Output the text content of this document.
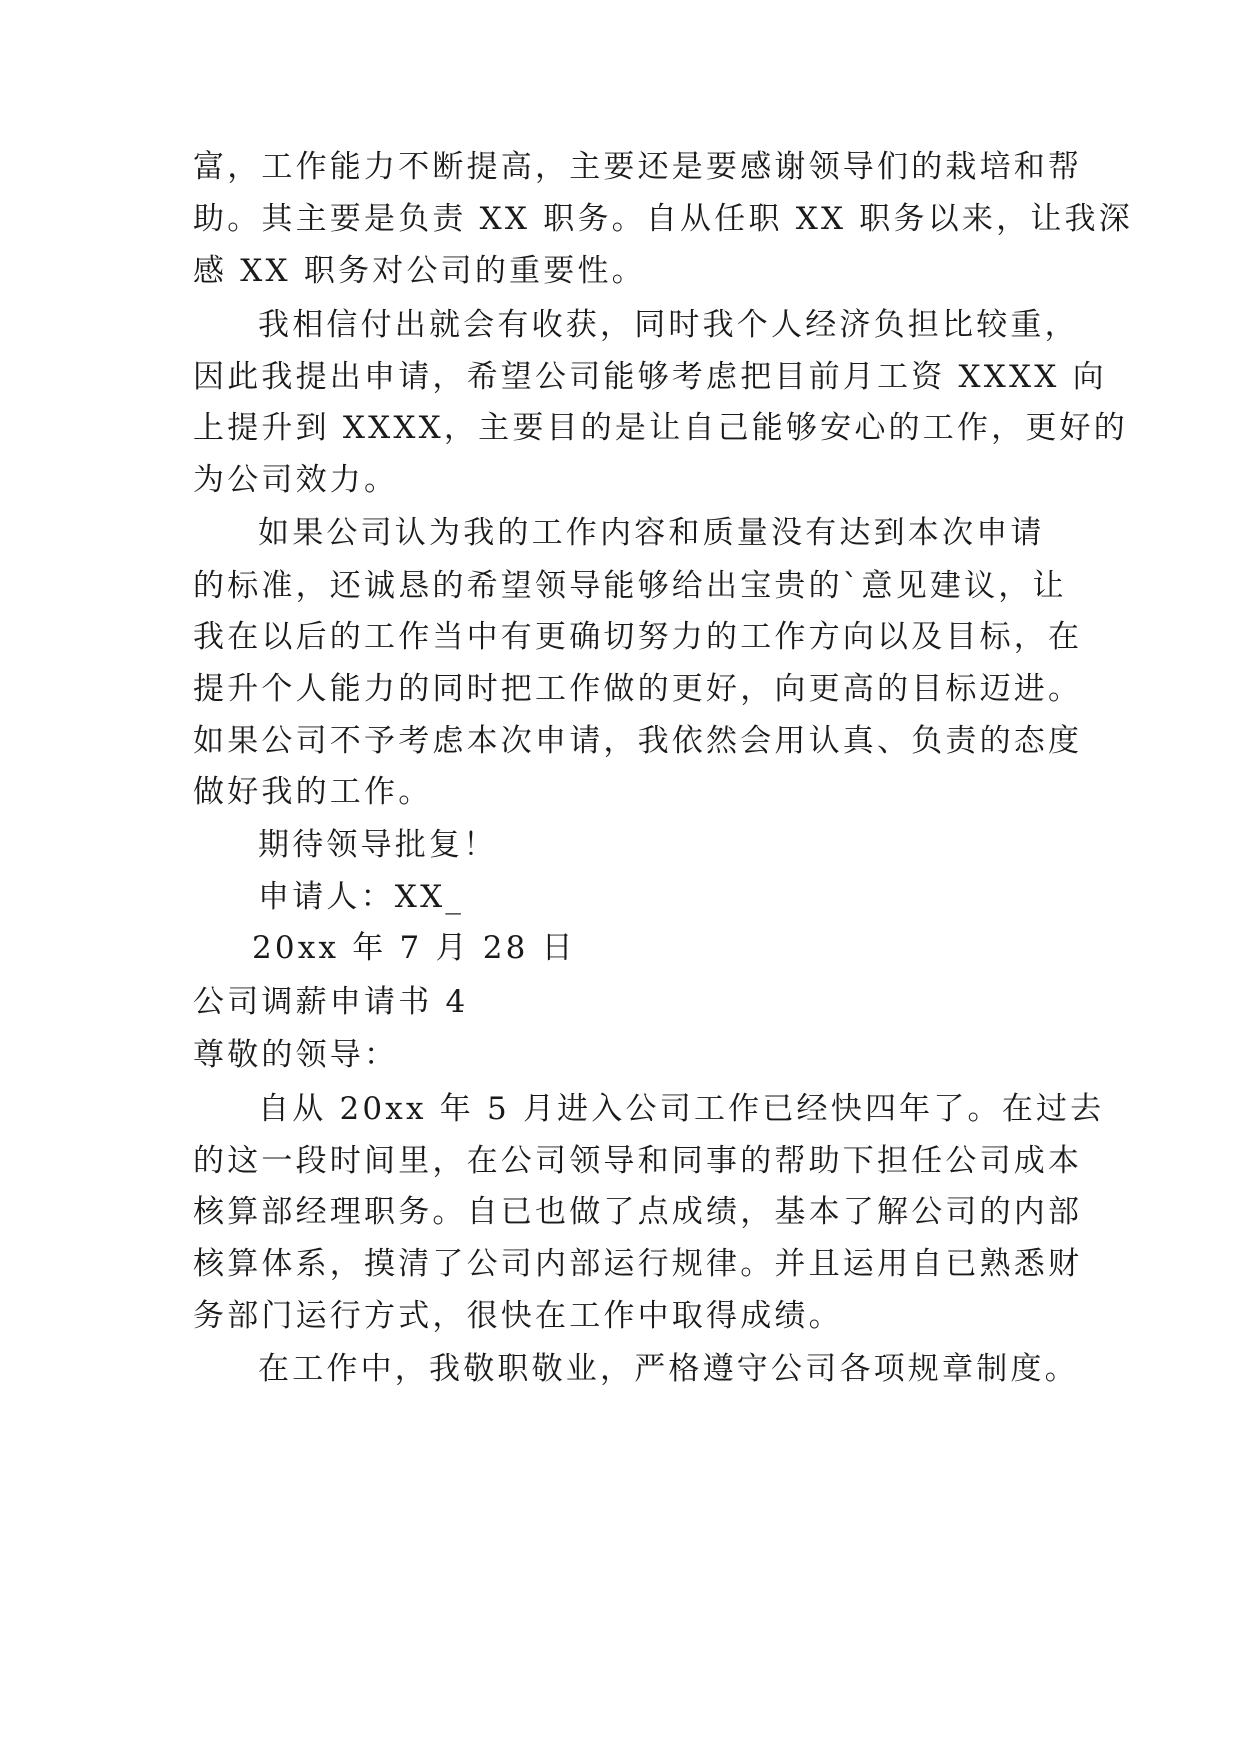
富，工作能力不断提高，主要还是要感谢领导们的栽培和帮
助。其主要是负责 XX 职务。自从任职 XX 职务以来，让我深
感 XX 职务对公司的重要性。
我相信付出就会有收获，同时我个人经济负担比较重，
因此我提出申请，希望公司能够考虑把目前月工资 XXXX 向
上提升到 XXXX，主要目的是让自己能够安心的工作，更好的
为公司效力。
如果公司认为我的工作内容和质量没有达到本次申请
的标准，还诚恳的希望领导能够给出宝贵的`意见建议，让
我在以后的工作当中有更确切努力的工作方向以及目标，在
提升个人能力的同时把工作做的更好，向更高的目标迈进。
如果公司不予考虑本次申请，我依然会用认真、负责的态度
做好我的工作。
期待领导批复！
申请人：XX_
20xx 年 7 月 28 日
公司调薪申请书 4
尊敬的领导：
自从 20xx 年 5 月进入公司工作已经快四年了。在过去
的这一段时间里，在公司领导和同事的帮助下担任公司成本
核算部经理职务。自已也做了点成绩，基本了解公司的内部
核算体系，摸清了公司内部运行规律。并且运用自已熟悉财
务部门运行方式，很快在工作中取得成绩。
在工作中，我敬职敬业，严格遵守公司各项规章制度。
